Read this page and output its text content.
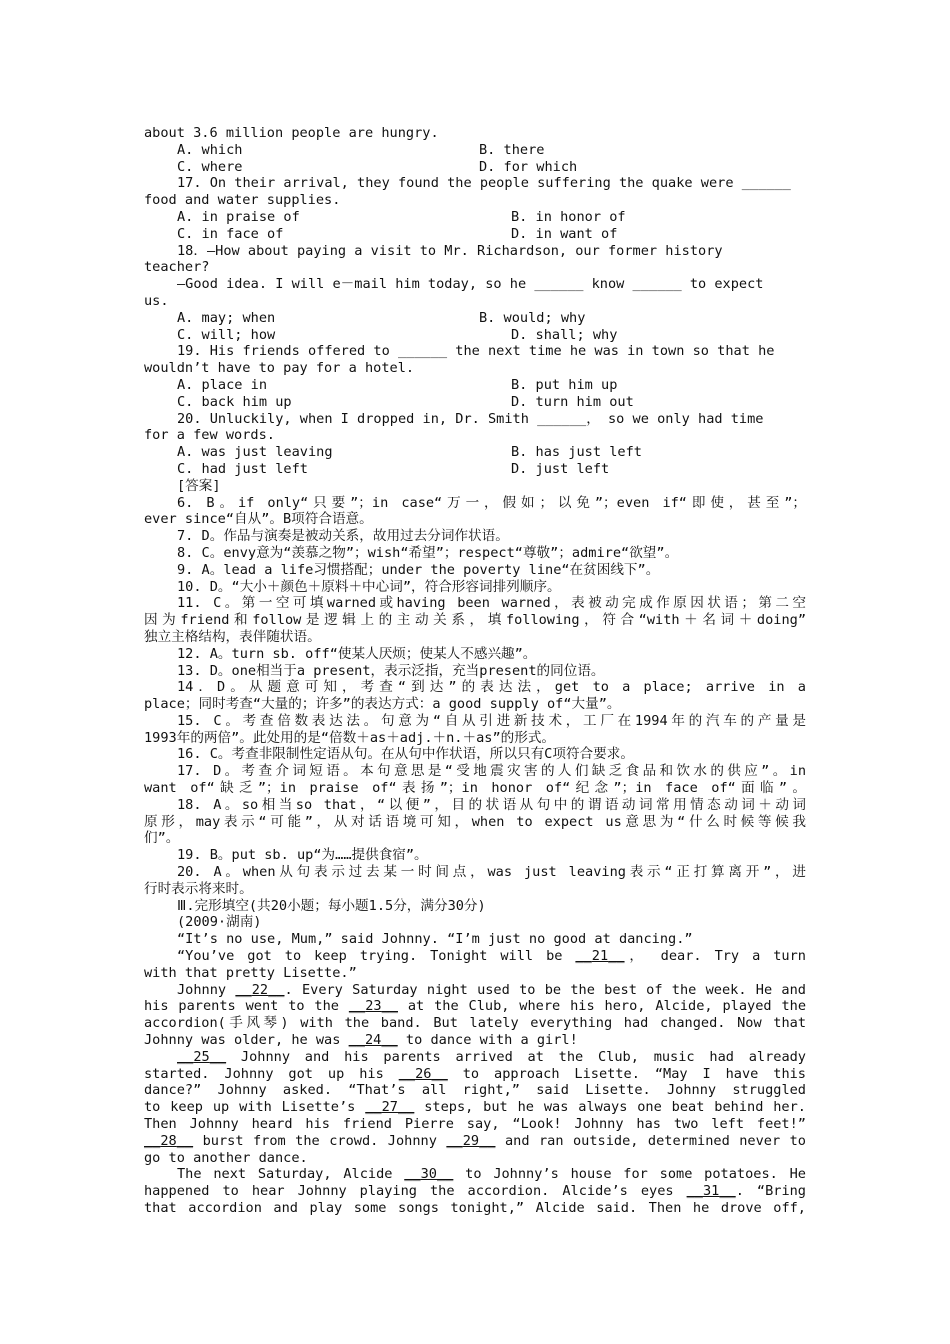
about 3.6 million people are hungry.
A. which	B. there
C. where	D. for which
17. On their arrival, they found the people suffering the quake were ______
food and water supplies.
A. in praise of	B. in honor of
C. in face of	D. in want of
18．—How about paying a visit to Mr. Richardson, our former history
teacher?
—Good idea. I will e－mail him today, so he ______ know ______ to expect
us.
A. may; when	B. would; why
C. will; how	D. shall; why
19. His friends offered to ______ the next time he was in town so that he
wouldn’t have to pay for a hotel.
A. place in	B. put him up
C. back him up	D. turn him out
20. Unluckily, when I dropped in, Dr. Smith ______， so we only had time
for a few words.
A. was just leaving	B. has just left
C. had just left	D. just left
[答案]
6. B。if only“只要”；in case“万一，假如；以免”；even if“即使，甚至”；
ever since“自从”。B项符合语意。
7. D。作品与演奏是被动关系，故用过去分词作状语。
8. C。envy意为“羡慕之物”；wish“希望”；respect“尊敬”；admire“欲望”。
9. A。lead a life习惯搭配；under the poverty line“在贫困线下”。
10. D。“大小＋颜色＋原料＋中心词”，符合形容词排列顺序。
11. C。第一空可填warned或having been warned，表被动完成作原因状语；第二空
因为friend和follow是逻辑上的主动关系，填following，符合“with＋名词＋doing”
独立主格结构，表伴随状语。
12. A。turn sb. off“使某人厌烦；使某人不感兴趣”。
13. D。one相当于a present，表示泛指，充当present的同位语。
14．D。从题意可知，考查“到达”的表达法，get to a place; arrive in a
place；同时考查“大量的；许多”的表达方式：a good supply of“大量”。
15. C。考查倍数表达法。句意为“自从引进新技术，工厂在1994年的汽车的产量是
1993年的两倍”。此处用的是“倍数＋as＋adj.＋n.＋as”的形式。
16. C。考查非限制性定语从句。在从句中作状语，所以只有C项符合要求。
17. D。考查介词短语。本句意思是“受地震灾害的人们缺乏食品和饮水的供应”。in
want of“缺乏”；in praise of“表扬”；in honor of“纪念”；in face of“面临”。
18. A。so相当so that，“以便”，目的状语从句中的谓语动词常用情态动词＋动词
原形，may表示“可能”，从对话语境可知，when to expect us意思为“什么时候等候我
们”。
19. B。put sb. up“为……提供食宿”。
20. A。when从句表示过去某一时间点，was just leaving表示“正打算离开”，进
行时表示将来时。
Ⅲ.完形填空(共20小题；每小题1.5分，满分30分)
(2009·湖南)
“It’s no use, Mum,” said Johnny. “I’m just no good at dancing.”
“You’ve got to keep trying. Tonight will be __21__， dear. Try a turn
with that pretty Lisette.”
Johnny __22__. Every Saturday night used to be the best of the week. He and
his parents went to the __23__ at the Club, where his hero, Alcide, played the
accordion(手风琴) with the band. But lately everything had changed. Now that
Johnny was older, he was __24__ to dance with a girl!
__25__ Johnny and his parents arrived at the Club, music had already
started. Johnny got up his __26__ to approach Lisette. “May I have this
dance?” Johnny asked. “That’s all right,” said Lisette. Johnny struggled
to keep up with Lisette’s __27__ steps, but he was always one beat behind her.
Then Johnny heard his friend Pierre say, “Look! Johnny has two left feet!”
__28__ burst from the crowd. Johnny __29__ and ran outside, determined never to
go to another dance.
The next Saturday, Alcide __30__ to Johnny’s house for some potatoes. He
happened to hear Johnny playing the accordion. Alcide’s eyes __31__. “Bring
that accordion and play some songs tonight,” Alcide said. Then he drove off,
